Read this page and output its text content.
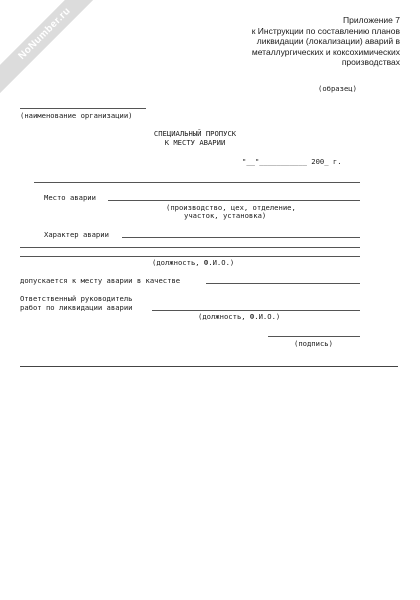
NoNumber.ru	Приложение 7
к Инструкции по составлению планов
ликвидации (локализации) аварий в
металлургических и коксохимических
производствах
(образец)
(наименование организации)
СПЕЦИАЛЬНЫЙ ПРОПУСК
К МЕСТУ АВАРИИ
"__"___________ 200_ г.
Место аварии
(производство, цех, отделение,
участок, установка)
Характер аварии
(должность, Ф.И.О.)
допускается к месту аварии в качестве
Ответственный руководитель
работ по ликвидации аварии
(должность, Ф.И.О.)
(подпись)
